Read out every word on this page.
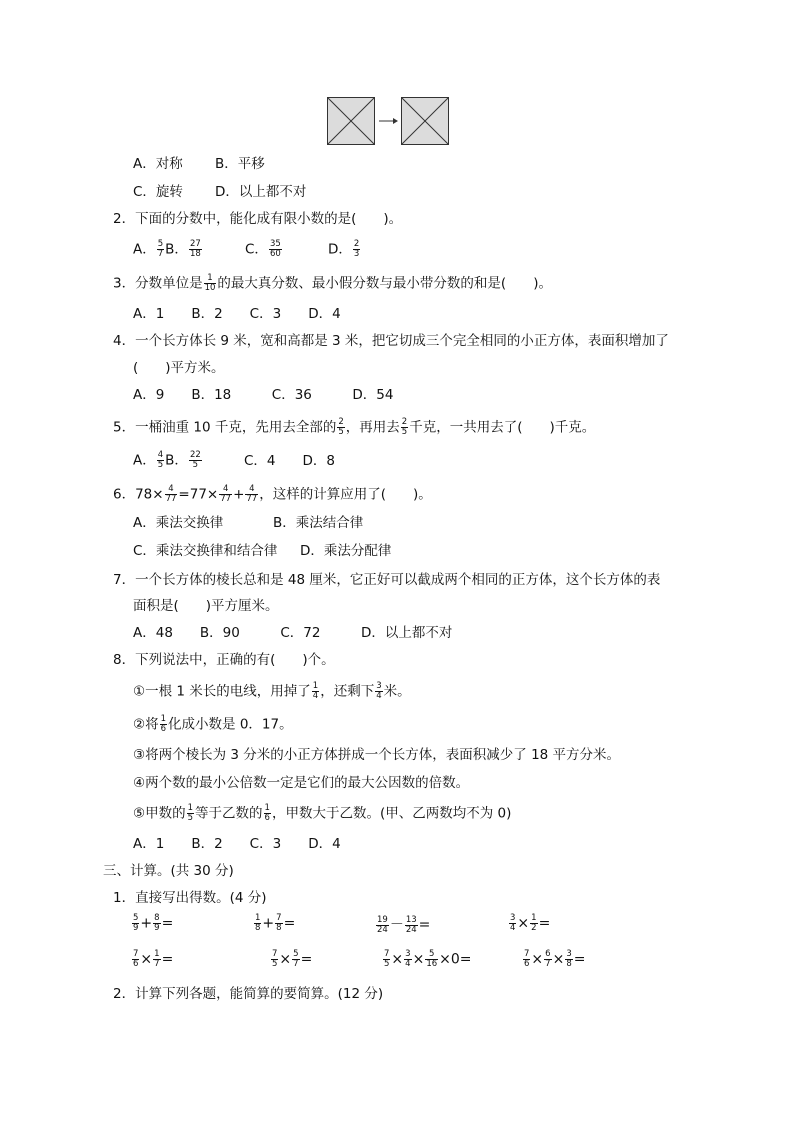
A．对称 B．平移
C．旋转 D．以上都不对
2．下面的分数中，能化成有限小数的是(　　)。
A． $\frac{5}{7}$ B． $\frac{27}{18}$	C． $\frac{35}{60}$	D． $\frac{2}{3}$
3．分数单位是 $\frac{1}{10}$ 的最大真分数、最小假分数与最小带分数的和是(　　)。
A．1　　B．2　　C．3　　D．4
4．一个长方体长 9 米，宽和高都是 3 米，把它切成三个完全相同的小正方体，表面积增加了
(　　)平方米。
A．9　　B．18　　　C．36　　　D．54
5．一桶油重 10 千克，先用去全部的 $\frac{2}{5}$ ，再用去 $\frac{2}{5}$ 千克，一共用去了(　　)千克。
A． $\frac{4}{5}$ B． $\frac{22}{5}$	C．4　　D．8
6．$78\times \frac{4}{77} =77\times \frac{4}{77} + \frac{4}{77}$ ，这样的计算应用了(　　)。
A．乘法交换律	B．乘法结合律
C．乘法交换律和结合律 D．乘法分配律
7．一个长方体的棱长总和是 48 厘米，它正好可以截成两个相同的正方体，这个长方体的表
面积是(　　)平方厘米。
A．48　　B．90　　　C．72　　　D．以上都不对
8．下列说法中，正确的有(　　)个。
①一根 1 米长的电线，用掉了 $\frac{1}{4}$ ，还剩下 $\frac{3}{4}$ 米。
②将 $\frac{1}{6}$ 化成小数是 0．17。
③将两个棱长为 3 分米的小正方体拼成一个长方体，表面积减少了 18 平方分米。
④两个数的最小公倍数一定是它们的最大公因数的倍数。
⑤甲数的 $\frac{1}{5}$ 等于乙数的 $\frac{1}{6}$ ，甲数大于乙数。(甲、乙两数均不为 0)
A．1　　B．2　　C．3　　D．4
三、计算。(共 30 分)
1．直接写出得数。(4 分)
$\frac{5}{9} + \frac{8}{9}$ =	$\frac{1}{8} + \frac{7}{8}$ =	$\frac{19}{24} - \frac{13}{24}$ =	$\frac{3}{4} \times \frac{1}{2}$ =
$\frac{7}{6} \times \frac{1}{7}$ =	$\frac{7}{5} \times \frac{5}{7}$ =	$\frac{7}{5} \times \frac{3}{4} \times \frac{5}{16} \times 0=$	$\frac{7}{6} \times \frac{6}{7} \times \frac{3}{8}$ =
2．计算下列各题，能简算的要简算。(12 分)
